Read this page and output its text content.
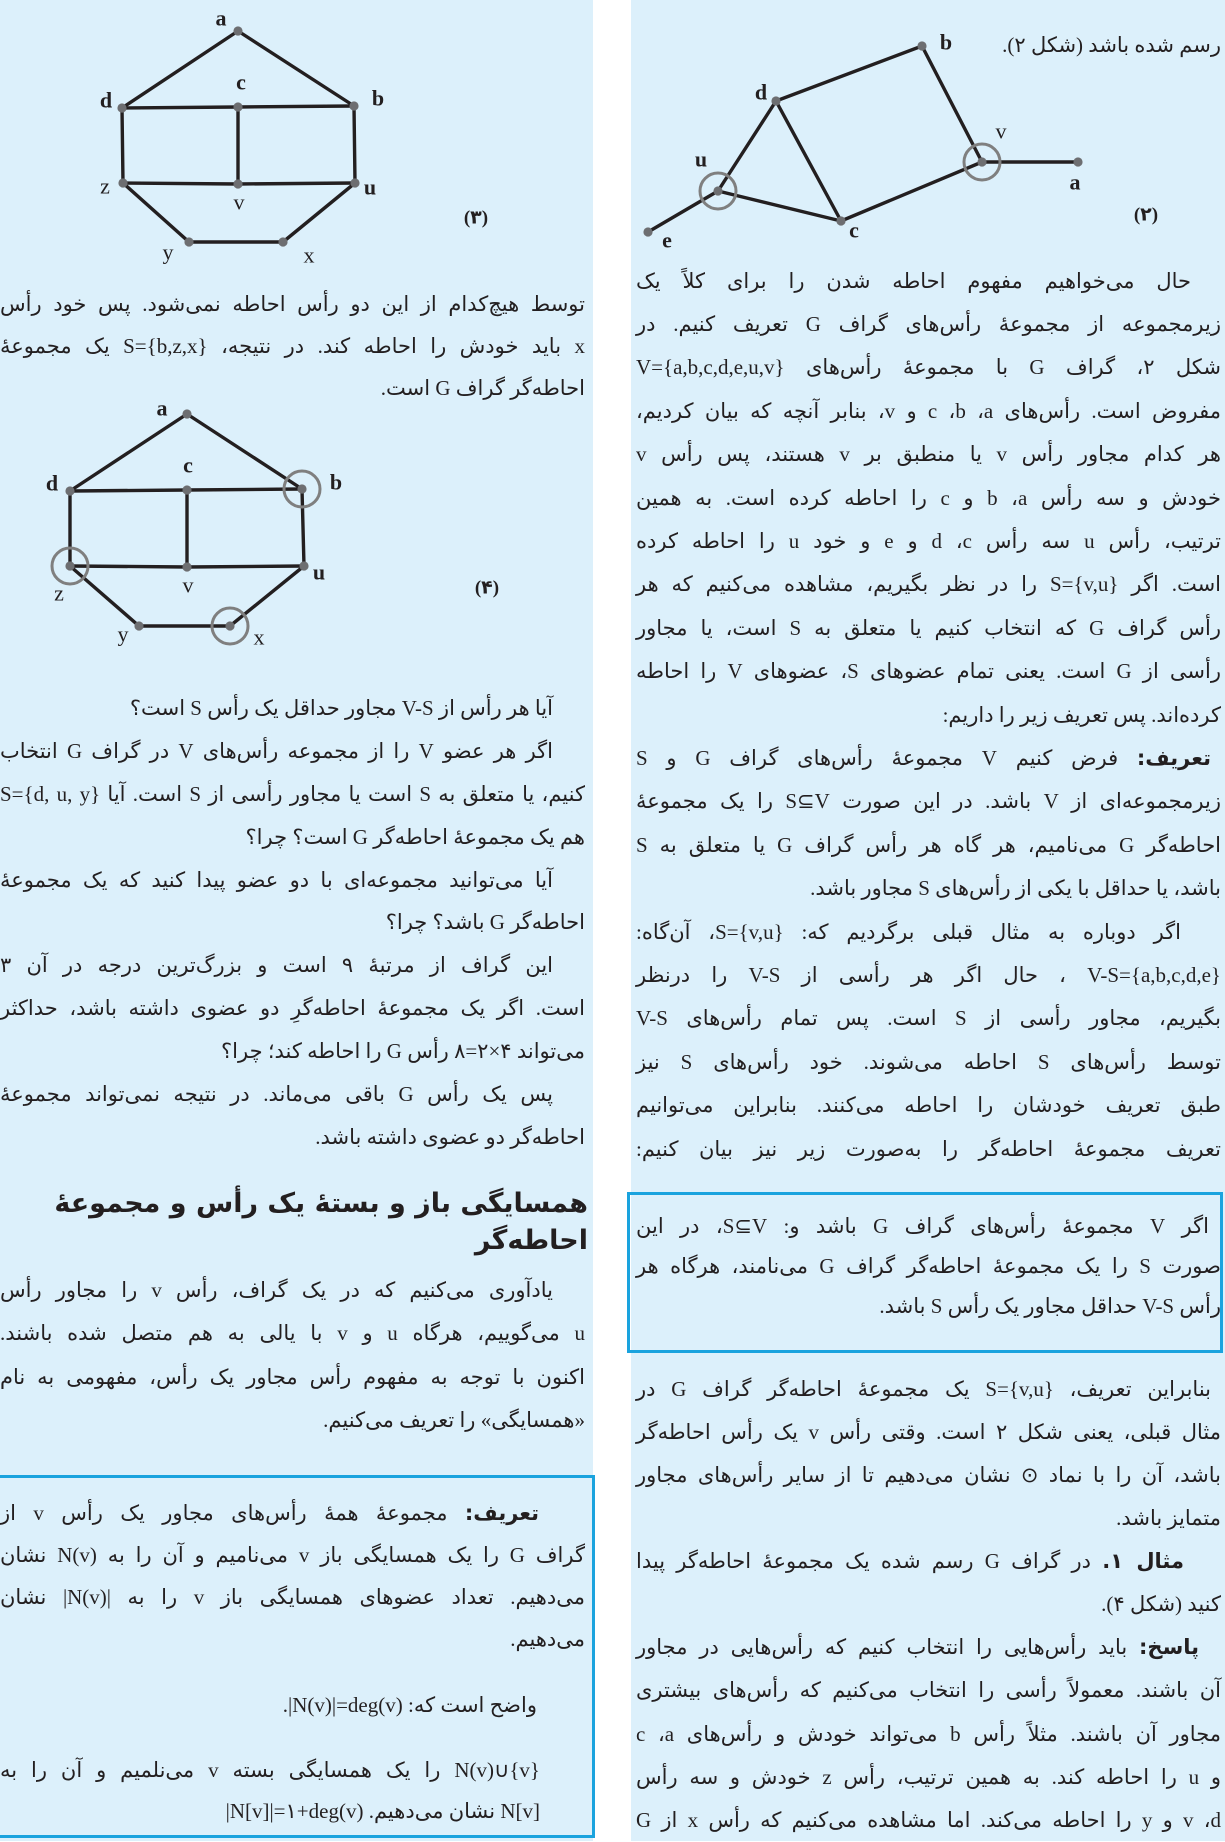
a
c
d	b
z
v
u
y	x
(۳)
توسط هیچ‌کدام از این دو رأس احاطه نمی‌شود. پس خود رأس
x باید خودش را احاطه کند. در نتیجه، ⁦S={b,z,x}⁩ یک مجموعهٔ
احاطه‌گر گراف G است.
a
d
c
b
z	v
u
y	x
(۴)
آیا هر رأس از V-S مجاور حداقل یک رأس S است؟
اگر هر عضو V را از مجموعه رأس‌های V در گراف G انتخاب
کنیم، یا متعلق به S است یا مجاور رأسی از S است. آیا ⁦S={d, u, y}⁩
هم یک مجموعهٔ احاطه‌گر G است؟ چرا؟
آیا می‌توانید مجموعه‌ای با دو عضو پیدا کنید که یک مجموعهٔ
احاطه‌گر G باشد؟ چرا؟
این گراف از مرتبهٔ ۹ است و بزرگ‌ترین درجه در آن ۳
است. اگر یک مجموعهٔ احاطه‌گرِ دو عضوی داشته باشد، حداکثر
می‌تواند ⁦۸=۲×۴⁩ رأس G را احاطه کند؛ چرا؟
پس یک رأس G باقی می‌ماند. در نتیجه نمی‌تواند مجموعهٔ
احاطه‌گر دو عضوی داشته باشد.
همسایگی باز و بستهٔ یک رأس و مجموعهٔ
احاطه‌گر
یادآوری می‌کنیم که در یک گراف، رأس v را مجاور رأس
u می‌گوییم، هرگاه u و v با یالی به هم متصل شده باشند.
اکنون با توجه به مفهوم رأس مجاور یک رأس، مفهومی به نام
«همسایگی» را تعریف می‌کنیم.
تعریف: مجموعهٔ همهٔ رأس‌های مجاور یک رأس v از
گراف G را یک همسایگی باز v می‌نامیم و آن را به ⁦N(v)⁩ نشان
می‌دهیم. تعداد عضوهای همسایگی باز v را به ⁦|N(v)|⁩ نشان
می‌دهیم.
واضح است که: ⁦|N(v)|=deg(v)⁩.
⁦N(v)∪{v}⁩ را یک همسایگی بسته v می‌نلمیم و آن را به
⁦N[v]⁩ نشان می‌دهیم. ⁦|N[v]|=۱+deg(v)⁩
رسم شده باشد (شکل ۲).
b
d
u
e	c
v
a
(۲)
حال می‌خواهیم مفهوم احاطه شدن را برای کلاً یک
زیرمجموعه از مجموعهٔ رأس‌های گراف G تعریف کنیم. در
شکل ۲، گراف G با مجموعهٔ رأس‌های ⁦V={a,b,c,d,e,u,v}⁩
مفروض است. رأس‌های a‏، b‏، c و v، بنابر آنچه که بیان کردیم،
هر کدام مجاور رأس v یا منطبق بر v هستند، پس رأس v
خودش و سه رأس a‏، b و c را احاطه کرده است. به همین
ترتیب، رأس u سه رأس c‏، d و e و خود u را احاطه کرده
است. اگر ⁦S={v,u}⁩ را در نظر بگیریم، مشاهده می‌کنیم که هر
رأس گراف G که انتخاب کنیم یا متعلق به S است، یا مجاور
رأسی از G است. یعنی تمام عضوهای S، عضوهای V را احاطه
کرده‌اند. پس تعریف زیر را داریم:
تعریف: فرض کنیم V مجموعهٔ رأس‌های گراف G و S
زیرمجموعه‌ای از V باشد. در این صورت ⁦S⊆V⁩ را یک مجموعهٔ
احاطه‌گر G می‌نامیم، هر گاه هر رأس گراف G یا متعلق به S
باشد، یا حداقل با یکی از رأس‌های S مجاور باشد.
اگر دوباره به مثال قبلی برگردیم که: ⁦S={v,u}⁩، آن‌گاه:
⁦V-S={a,b,c,d,e}⁩ ، حال اگر هر رأسی از V-S را درنظر
بگیریم، مجاور رأسی از S است. پس تمام رأس‌های V-S
توسط رأس‌های S احاطه می‌شوند. خود رأس‌های S نیز
طبق تعریف خودشان را احاطه می‌کنند. بنابراین می‌توانیم
تعریف مجموعهٔ احاطه‌گر را به‌صورت زیر نیز بیان کنیم:
اگر V مجموعهٔ رأس‌های گراف G باشد و: ⁦S⊆V⁩، در این
صورت S را یک مجموعهٔ احاطه‌گر گراف G می‌نامند، هرگاه هر
رأس V-S حداقل مجاور یک رأس S باشد.
بنابراین تعریف، ⁦S={v,u}⁩ یک مجموعهٔ احاطه‌گر گراف G در
مثال قبلی، یعنی شکل ۲ است. وقتی رأس v یک رأس احاطه‌گر
باشد، آن را با نماد ⊙ نشان می‌دهیم تا از سایر رأس‌های مجاور
متمایز باشد.
مثال ۱. در گراف G رسم شده یک مجموعهٔ احاطه‌گر پیدا
کنید (شکل ۴).
پاسخ: باید رأس‌هایی را انتخاب کنیم که رأس‌هایی در مجاور
آن باشند. معمولاً رأسی را انتخاب می‌کنیم که رأس‌های بیشتری
مجاور آن باشند. مثلاً رأس b می‌تواند خودش و رأس‌های a‏، c
و u را احاطه کند. به همین ترتیب، رأس z خودش و سه رأس
d‏، v و y را احاطه می‌کند. اما مشاهده می‌کنیم که رأس x از G
